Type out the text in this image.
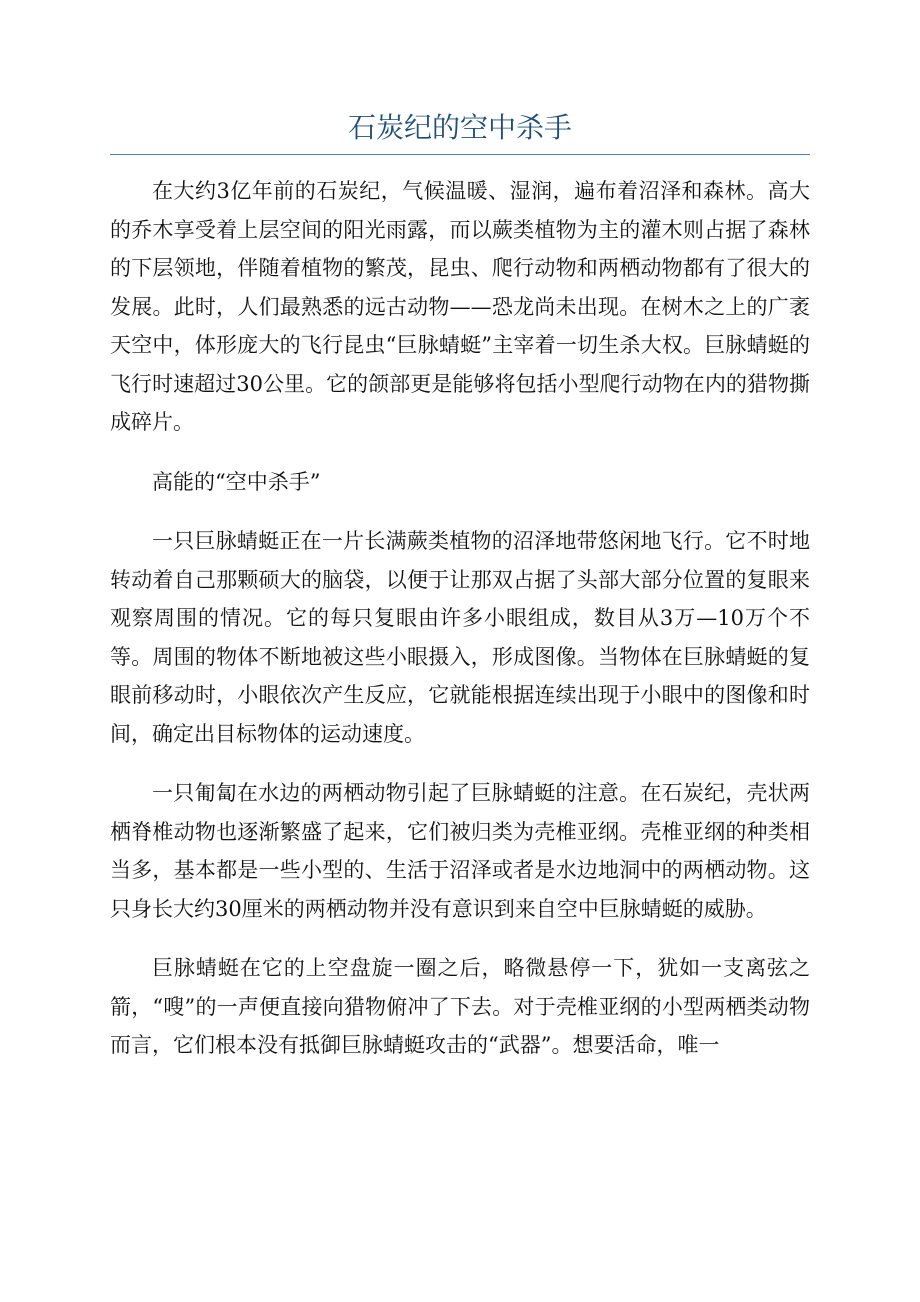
石炭纪的空中杀手

在大约3亿年前的石炭纪，气候温暖、湿润，遍布着沼泽和森林。高大的乔木享受着上层空间的阳光雨露，而以蕨类植物为主的灌木则占据了森林的下层领地，伴随着植物的繁茂，昆虫、爬行动物和两栖动物都有了很大的发展。此时，人们最熟悉的远古动物——恐龙尚未出现。在树木之上的广袤天空中，体形庞大的飞行昆虫“巨脉蜻蜓”主宰着一切生杀大权。巨脉蜻蜓的飞行时速超过30公里。它的颌部更是能够将包括小型爬行动物在内的猎物撕成碎片。

高能的“空中杀手”

一只巨脉蜻蜓正在一片长满蕨类植物的沼泽地带悠闲地飞行。它不时地转动着自己那颗硕大的脑袋，以便于让那双占据了头部大部分位置的复眼来观察周围的情况。它的每只复眼由许多小眼组成，数目从3万—10万个不等。周围的物体不断地被这些小眼摄入，形成图像。当物体在巨脉蜻蜓的复眼前移动时，小眼依次产生反应，它就能根据连续出现于小眼中的图像和时间，确定出目标物体的运动速度。

一只匍匐在水边的两栖动物引起了巨脉蜻蜓的注意。在石炭纪，壳状两栖脊椎动物也逐渐繁盛了起来，它们被归类为壳椎亚纲。壳椎亚纲的种类相当多，基本都是一些小型的、生活于沼泽或者是水边地洞中的两栖动物。这只身长大约30厘米的两栖动物并没有意识到来自空中巨脉蜻蜓的威胁。

巨脉蜻蜓在它的上空盘旋一圈之后，略微悬停一下，犹如一支离弦之箭，“嗖”的一声便直接向猎物俯冲了下去。对于壳椎亚纲的小型两栖类动物而言，它们根本没有抵御巨脉蜻蜓攻击的“武器”。想要活命，唯一
